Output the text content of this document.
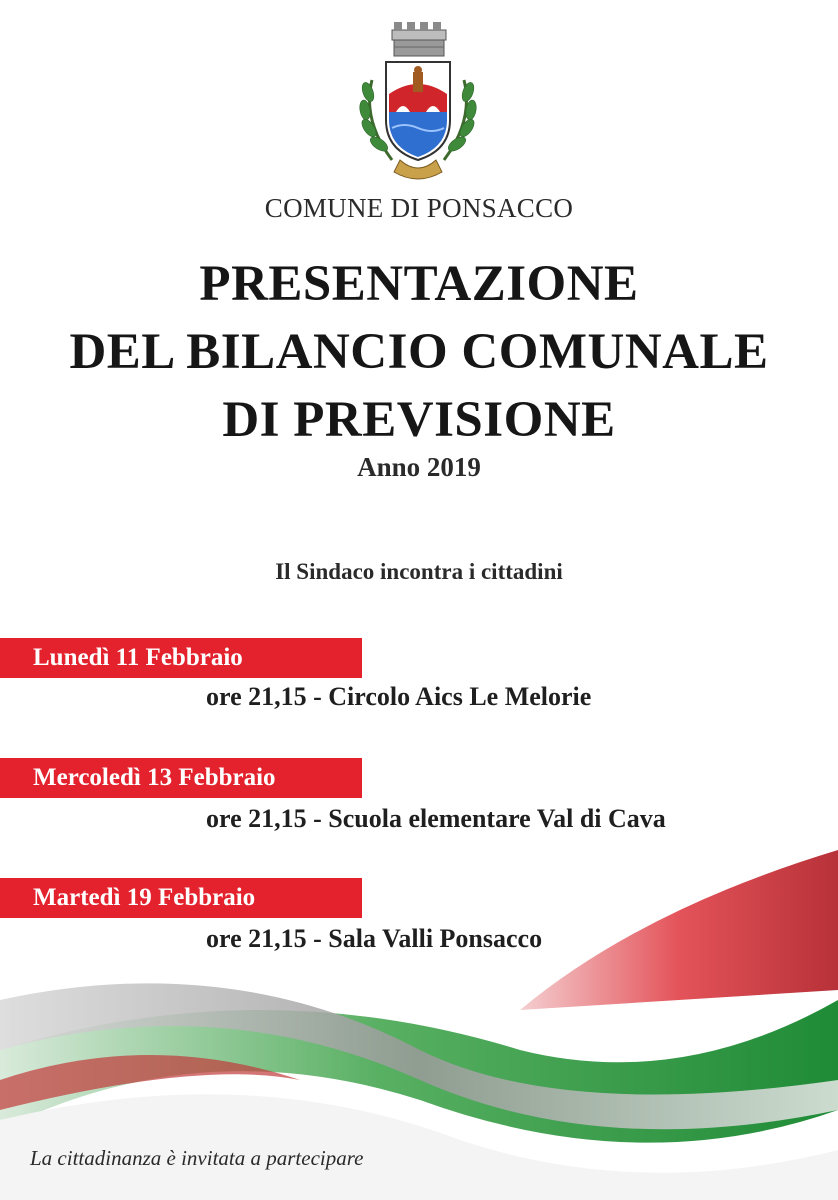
COMUNE DI PONSACCO
PRESENTAZIONE
DEL BILANCIO COMUNALE
DI PREVISIONE
Anno 2019
Il Sindaco incontra i cittadini
Lunedì 11 Febbraio
ore 21,15 - Circolo Aics Le Melorie
Mercoledì 13 Febbraio
ore 21,15 - Scuola elementare Val di Cava
Martedì 19 Febbraio
ore 21,15 - Sala Valli Ponsacco
La cittadinanza è invitata a partecipare
